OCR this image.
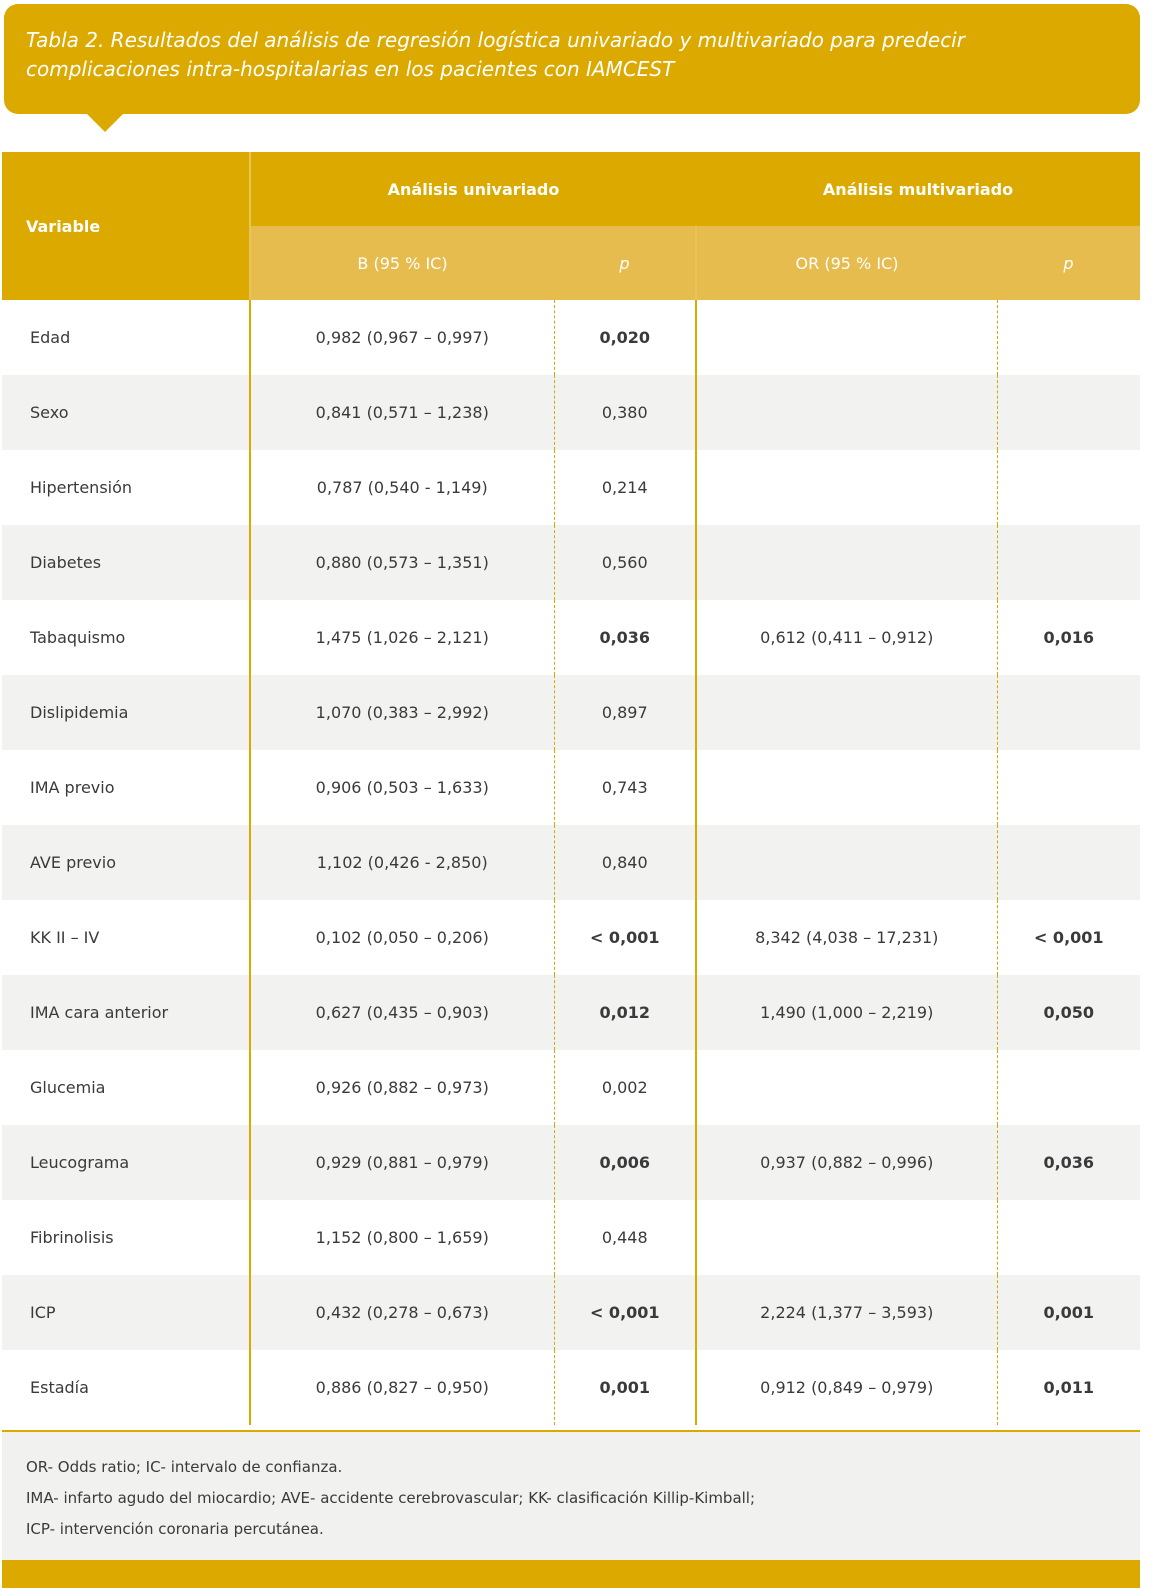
Tabla 2. Resultados del análisis de regresión logística univariado y multivariado para predecir complicaciones intra-hospitalarias en los pacientes con IAMCEST
Variable	Análisis univariado		Análisis multivariado	
	B (95 % IC)	p	OR (95 % IC)	p
Edad	0,982 (0,967 – 0,997)	0,020		
Sexo	0,841 (0,571 – 1,238)	0,380		
Hipertensión	0,787 (0,540 - 1,149)	0,214		
Diabetes	0,880 (0,573 – 1,351)	0,560		
Tabaquismo	1,475 (1,026 – 2,121)	0,036	0,612 (0,411 – 0,912)	0,016
Dislipidemia	1,070 (0,383 – 2,992)	0,897		
IMA previo	0,906 (0,503 – 1,633)	0,743		
AVE previo	1,102 (0,426 - 2,850)	0,840		
KK II – IV	0,102 (0,050 – 0,206)	< 0,001	8,342 (4,038 – 17,231)	< 0,001
IMA cara anterior	0,627 (0,435 – 0,903)	0,012	1,490 (1,000 – 2,219)	0,050
Glucemia	0,926 (0,882 – 0,973)	0,002		
Leucograma	0,929 (0,881 – 0,979)	0,006	0,937 (0,882 – 0,996)	0,036
Fibrinolisis	1,152 (0,800 – 1,659)	0,448		
ICP	0,432 (0,278 – 0,673)	< 0,001	2,224 (1,377 – 3,593)	0,001
Estadía	0,886 (0,827 – 0,950)	0,001	0,912 (0,849 – 0,979)	0,011

OR- Odds ratio; IC- intervalo de confianza.

IMA- infarto agudo del miocardio; AVE- accidente cerebrovascular; KK- clasificación Killip-Kimball;

ICP- intervención coronaria percutánea.
